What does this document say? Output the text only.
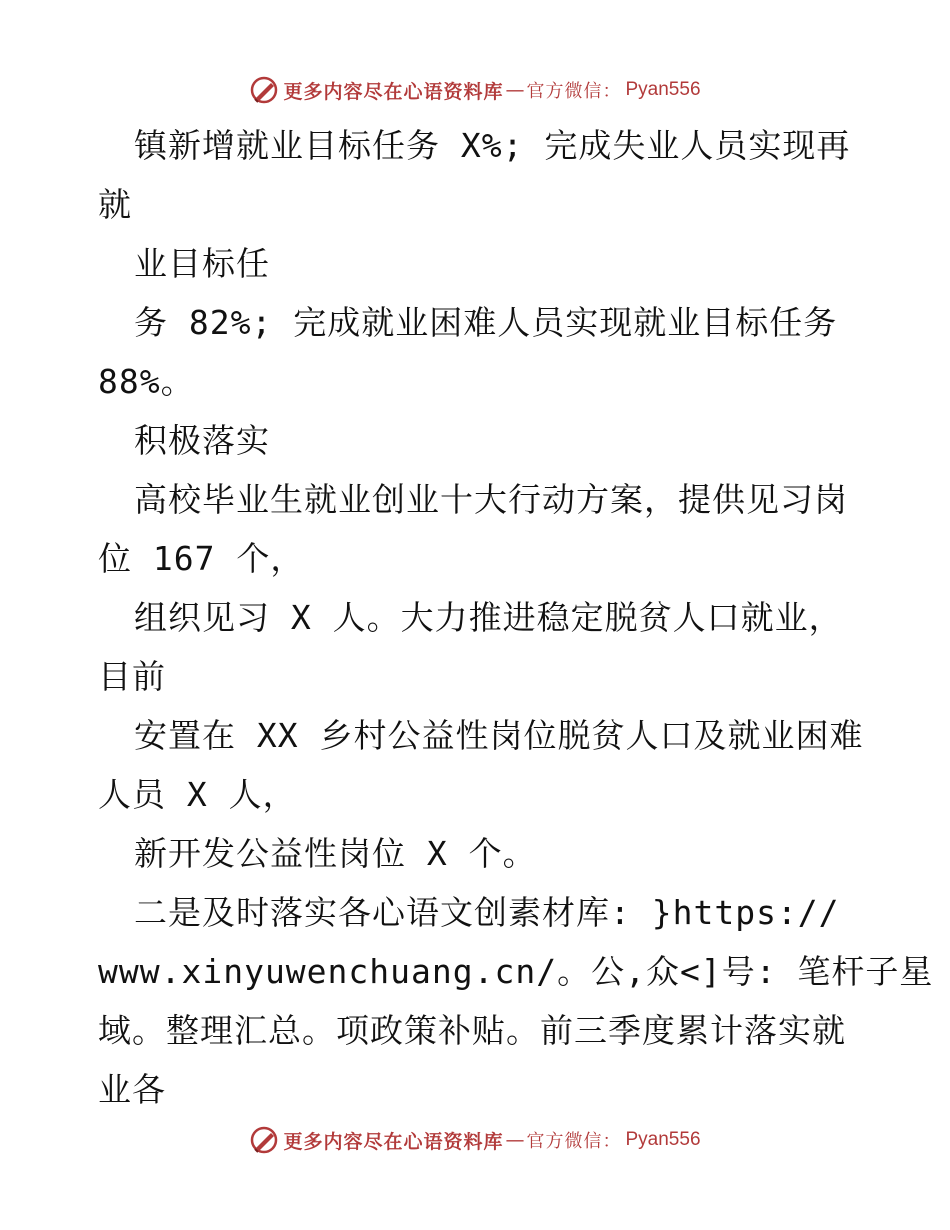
更多内容尽在心语资料库 — 官方微信： Pyan556
镇新增就业目标任务 X%; 完成失业人员实现再
就
业目标任
务 82%; 完成就业困难人员实现就业目标任务
88%。
积极落实
高校毕业生就业创业十大行动方案，提供见习岗
位 167 个，
组织见习 X 人。大力推进稳定脱贫人口就业，
目前
安置在 XX 乡村公益性岗位脱贫人口及就业困难
人员 X 人，
新开发公益性岗位 X 个。
二是及时落实各心语文创素材库: }https://
www.xinyuwenchuang.cn/。公,众<]号: 笔杆子星
域。整理汇总。项政策补贴。前三季度累计落实就
业各
更多内容尽在心语资料库 — 官方微信： Pyan556
